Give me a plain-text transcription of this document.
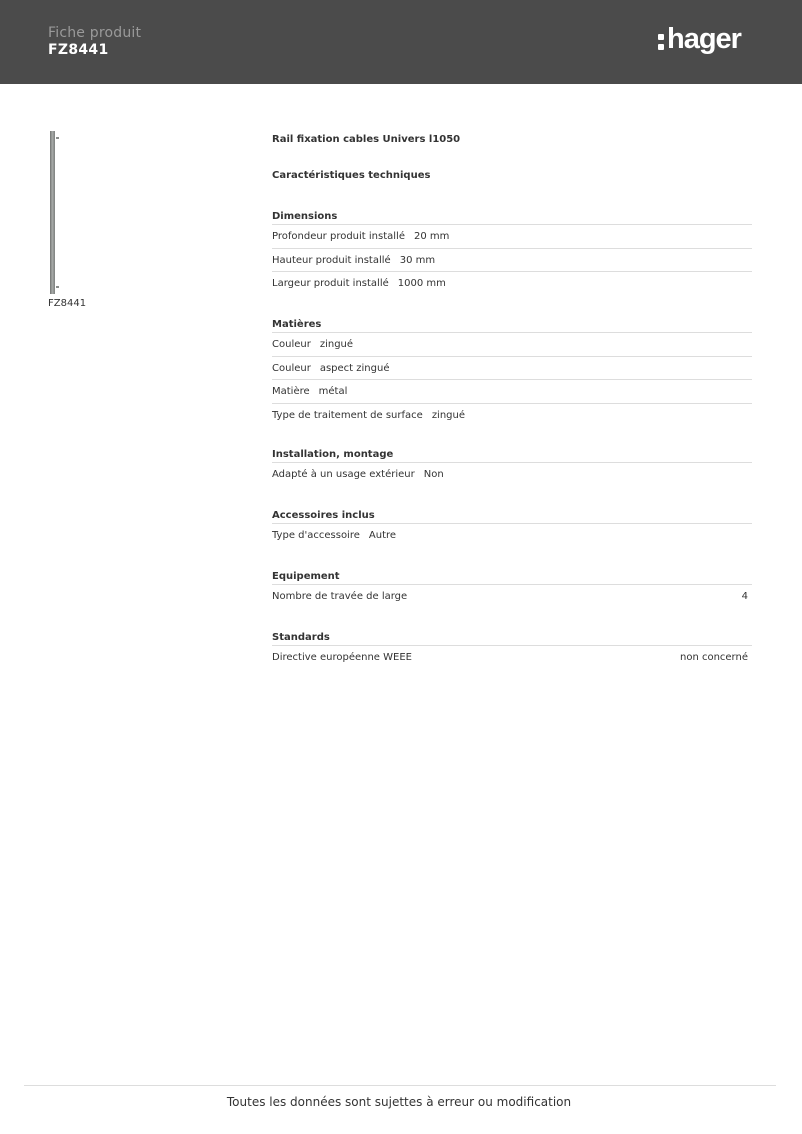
Fiche produit
FZ8441	hager
FZ8441
Rail fixation cables Univers l1050
Caractéristiques techniques
Dimensions
Profondeur produit installé 20 mm
Hauteur produit installé 30 mm
Largeur produit installé 1000 mm
Matières
Couleur zingué
Couleur aspect zingué
Matière métal
Type de traitement de surface zingué
Installation, montage
Adapté à un usage extérieur Non
Accessoires inclus
Type d'accessoire Autre
Equipement
Nombre de travée de large	4
Standards
Directive européenne WEEE	non concerné
Toutes les données sont sujettes à erreur ou modification
